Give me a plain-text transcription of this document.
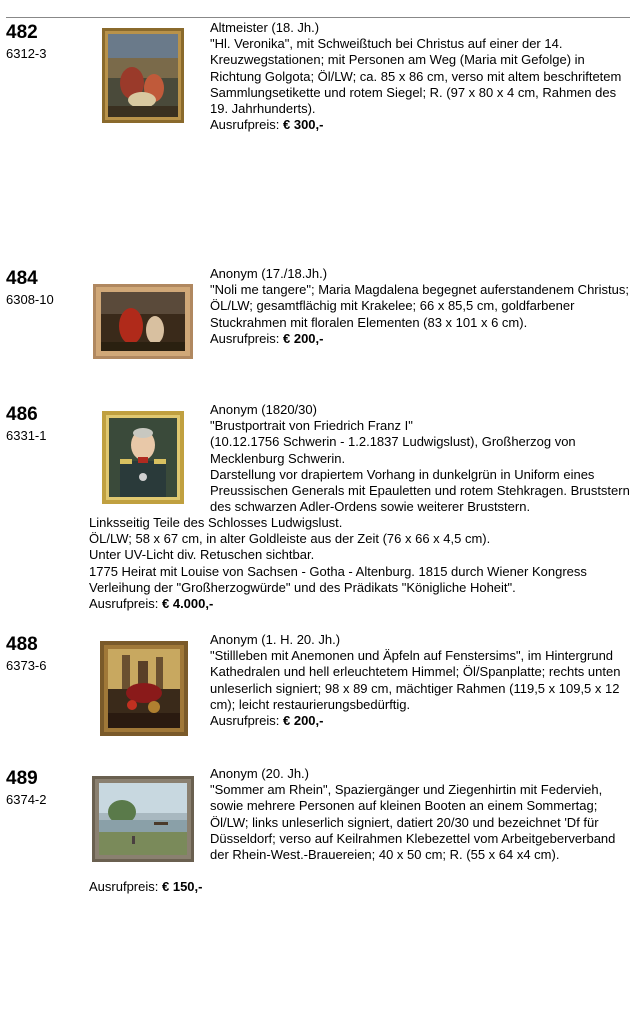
482
6312-3
Altmeister (18. Jh.)
"Hl. Veronika", mit Schweißtuch bei Christus auf einer der 14. Kreuzwegstationen; mit Personen am Weg (Maria mit Gefolge) in Richtung Golgota; Öl/LW; ca. 85 x 86 cm, verso mit altem beschriftetem Sammlungsetikette und rotem Siegel; R. (97 x 80 x 4 cm, Rahmen des 19. Jahrhunderts).
Ausrufpreis: € 300,-
484
6308-10
Anonym (17./18.Jh.)
"Noli me tangere"; Maria Magdalena begegnet auferstandenem Christus; ÖL/LW; gesamtflächig mit Krakelee; 66 x 85,5 cm, goldfarbener Stuckrahmen mit floralen Elementen (83 x 101 x 6 cm).
Ausrufpreis: € 200,-
486
6331-1
Anonym (1820/30)
"Brustportrait von Friedrich Franz I"
(10.12.1756 Schwerin - 1.2.1837 Ludwigslust), Großherzog von Mecklenburg Schwerin.
Darstellung vor drapiertem Vorhang in dunkelgrün in Uniform eines Preussischen Generals mit Epauletten und rotem Stehkragen. Bruststern des schwarzen Adler-Ordens sowie weiterer Bruststern.
Linksseitig Teile des Schlosses Ludwigslust.
ÖL/LW; 58 x 67 cm, in alter Goldleiste aus der Zeit (76 x 66 x 4,5 cm).
Unter UV-Licht div. Retuschen sichtbar.
1775 Heirat mit Louise von Sachsen - Gotha - Altenburg. 1815 durch Wiener Kongress Verleihung der "Großherzogwürde" und des Prädikats "Königliche Hoheit".
Ausrufpreis: € 4.000,-
488
6373-6
Anonym (1. H. 20. Jh.)
"Stillleben mit Anemonen und Äpfeln auf Fenstersims", im Hintergrund Kathedralen und hell erleuchtetem Himmel; Öl/Spanplatte; rechts unten unleserlich signiert; 98 x 89 cm, mächtiger Rahmen (119,5 x 109,5 x 12 cm); leicht restaurierungsbedürftig.
Ausrufpreis: € 200,-
489
6374-2
Anonym (20. Jh.)
"Sommer am Rhein", Spaziergänger und Ziegenhirtin mit Federvieh, sowie mehrere Personen auf kleinen Booten an einem Sommertag; Öl/LW; links unleserlich signiert, datiert 20/30 und bezeichnet 'Df für Düsseldorf; verso auf Keilrahmen Klebezettel vom Arbeitgeberverband der Rhein-West.-Brauereien; 40 x 50 cm; R. (55 x 64 x4 cm).
Ausrufpreis: € 150,-
